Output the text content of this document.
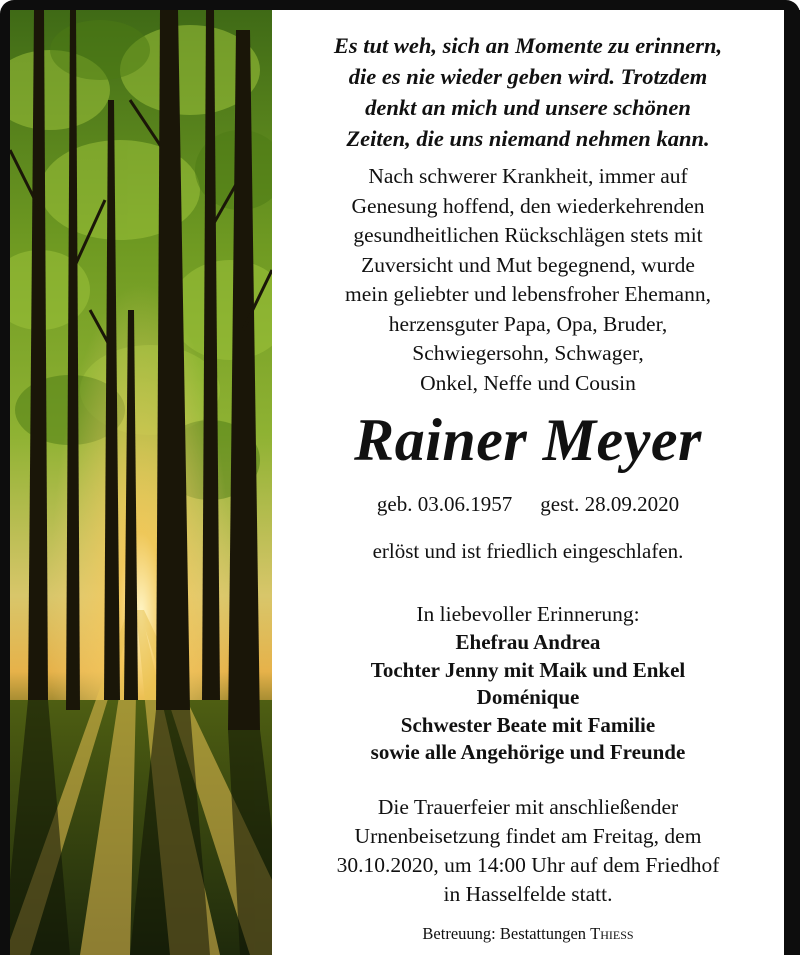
Es tut weh, sich an Momente zu erinnern,
die es nie wieder geben wird. Trotzdem
denkt an mich und unsere schönen
Zeiten, die uns niemand nehmen kann.
Nach schwerer Krankheit, immer auf
Genesung hoffend, den wiederkehrenden
gesundheitlichen Rückschlägen stets mit
Zuversicht und Mut begegnend, wurde
mein geliebter und lebensfroher Ehemann,
herzensguter Papa, Opa, Bruder,
Schwiegersohn, Schwager,
Onkel, Neffe und Cousin
Rainer Meyer
geb. 03.06.1957 gest. 28.09.2020
erlöst und ist friedlich eingeschlafen.
In liebevoller Erinnerung:
Ehefrau Andrea
Tochter Jenny mit Maik und Enkel
Doménique
Schwester Beate mit Familie
sowie alle Angehörige und Freunde
Die Trauerfeier mit anschließender
Urnenbeisetzung findet am Freitag, dem
30.10.2020, um 14:00 Uhr auf dem Friedhof
in Hasselfelde statt.
Betreuung: Bestattungen Thieß
